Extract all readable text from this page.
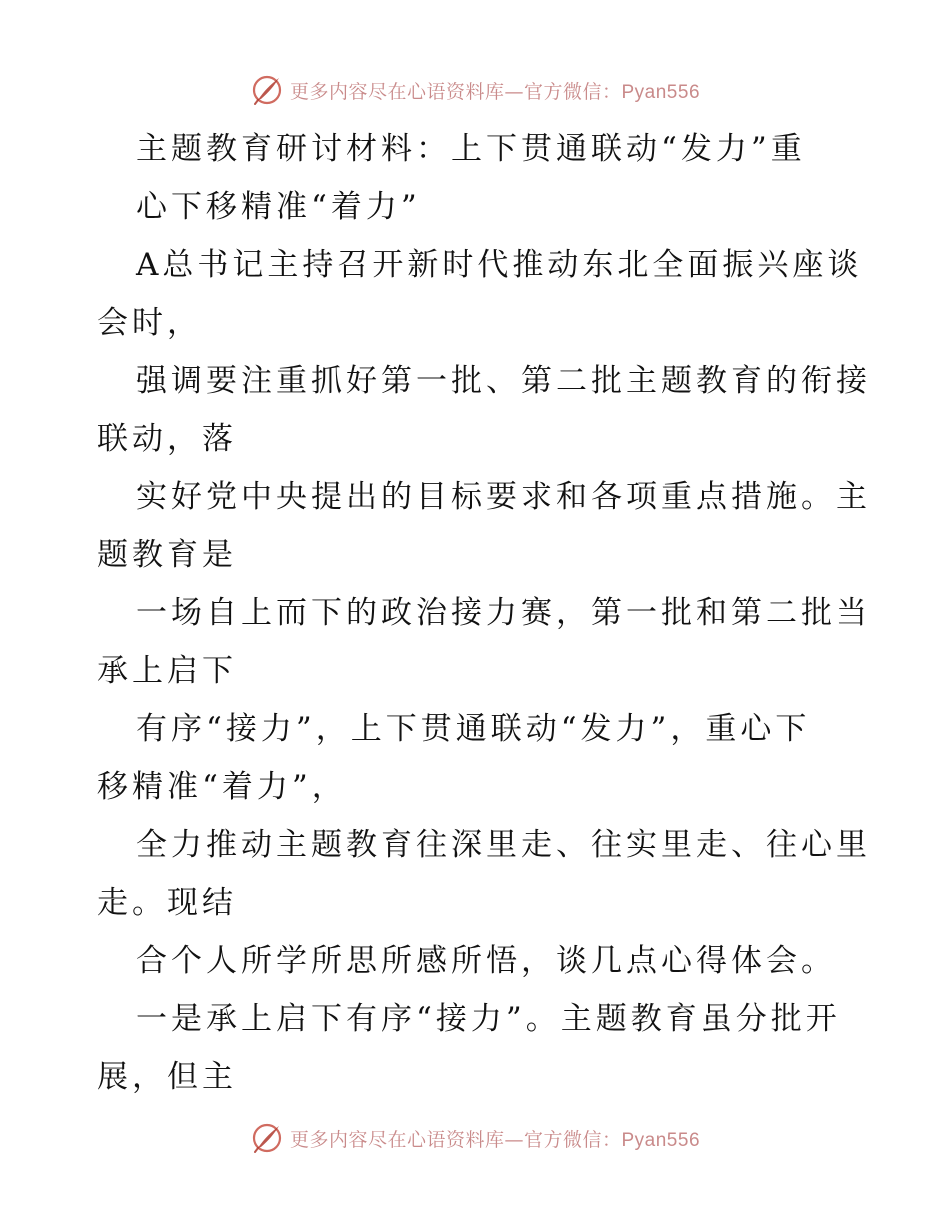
更多内容尽在心语资料库—官方微信：Pyan556
主题教育研讨材料：上下贯通联动“发力”重
心下移精准“着力”
A总书记主持召开新时代推动东北全面振兴座谈
会时，
强调要注重抓好第一批、第二批主题教育的衔接
联动，落
实好党中央提出的目标要求和各项重点措施。主
题教育是
一场自上而下的政治接力赛，第一批和第二批当
承上启下
有序“接力”，上下贯通联动“发力”，重心下
移精准“着力”，
全力推动主题教育往深里走、往实里走、往心里
走。现结
合个人所学所思所感所悟，谈几点心得体会。
一是承上启下有序“接力”。主题教育虽分批开
展，但主
更多内容尽在心语资料库—官方微信：Pyan556
